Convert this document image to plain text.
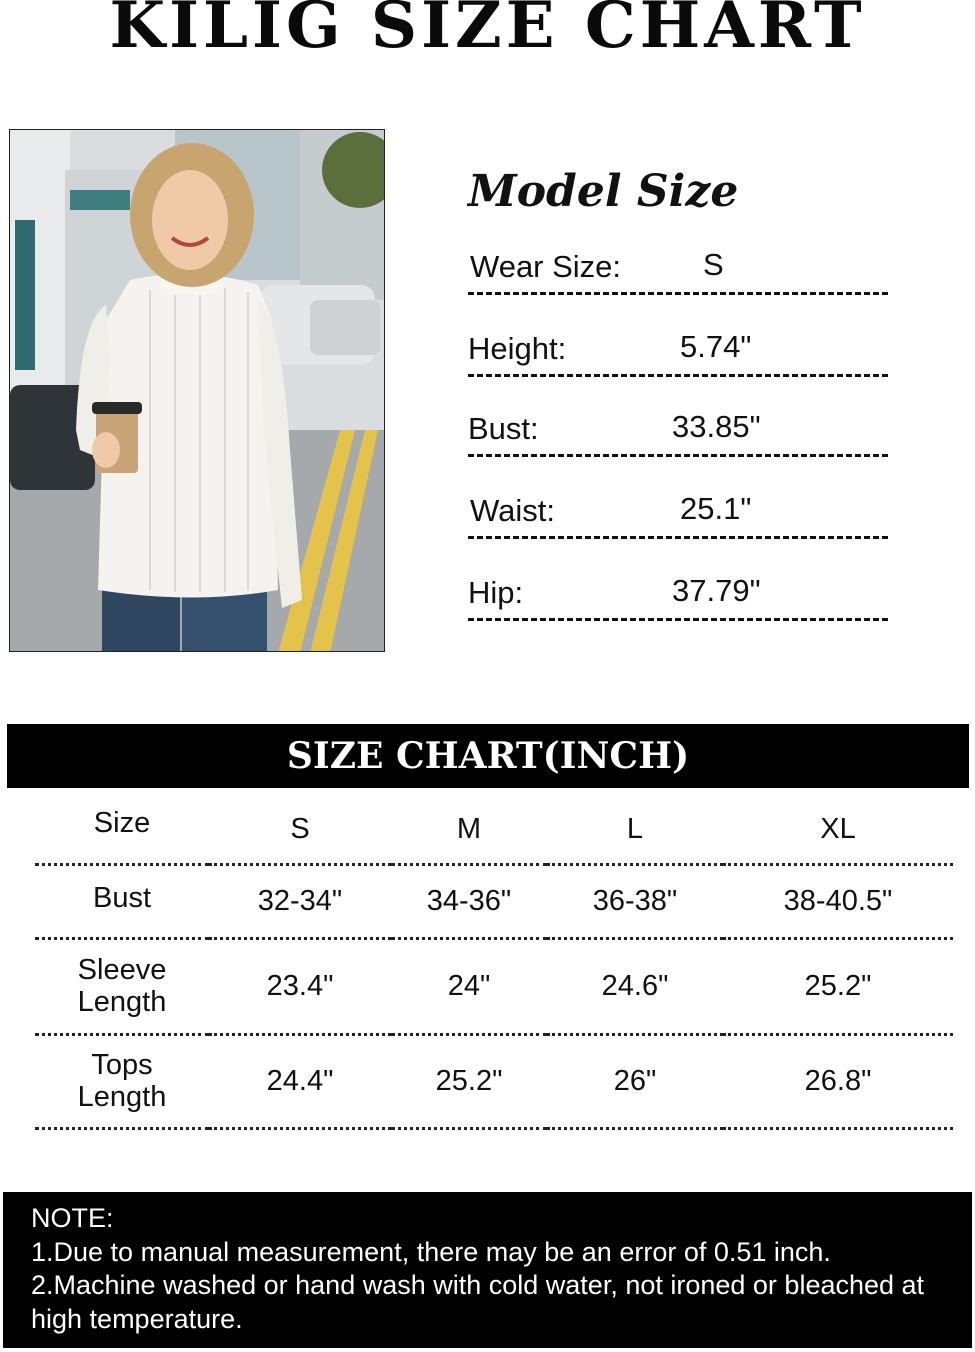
KILIG SIZE CHART
Model Size
Wear Size:	S
Height:	5.74"
Bust:	33.85"
Waist:	25.1"
Hip:	37.79"
SIZE CHART(INCH)
Size	S	M	L	XL
Bust	32-34"	34-36"	36-38"	38-40.5"

Sleeve
Length	23.4"	24"	24.6"	25.2"

Tops
Length	24.4"	25.2"	26"	26.8"
NOTE:
1.Due to manual measurement, there may be an error of 0.51 inch.
2.Machine washed or hand wash with cold water, not ironed or bleached at high temperature.
